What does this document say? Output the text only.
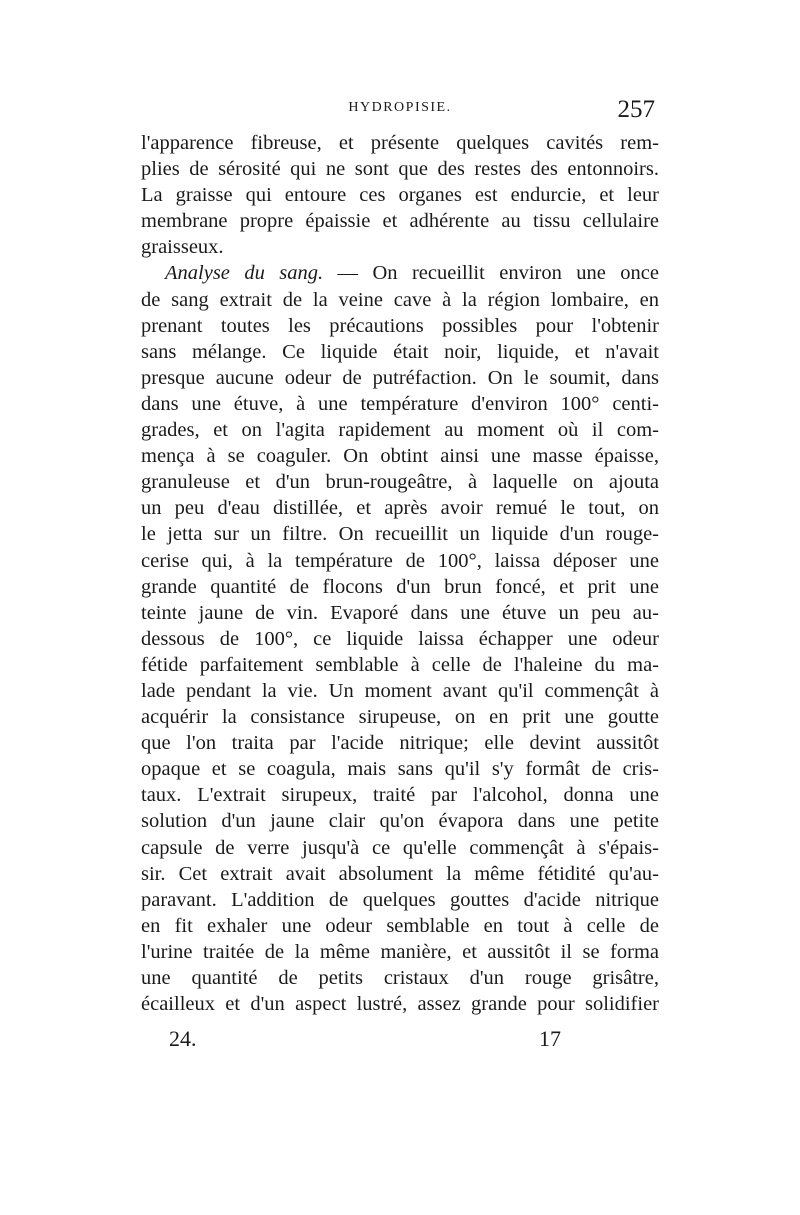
HYDROPISIE.	257
l'apparence fibreuse, et présente quelques cavités rem-
plies de sérosité qui ne sont que des restes des entonnoirs.
La graisse qui entoure ces organes est endurcie, et leur
membrane propre épaissie et adhérente au tissu cellulaire
graisseux.
Analyse du sang. — On recueillit environ une once
de sang extrait de la veine cave à la région lombaire, en
prenant toutes les précautions possibles pour l'obtenir
sans mélange. Ce liquide était noir, liquide, et n'avait
presque aucune odeur de putréfaction. On le soumit, dans
dans une étuve, à une température d'environ 100° centi-
grades, et on l'agita rapidement au moment où il com-
mença à se coaguler. On obtint ainsi une masse épaisse,
granuleuse et d'un brun-rougeâtre, à laquelle on ajouta
un peu d'eau distillée, et après avoir remué le tout, on
le jetta sur un filtre. On recueillit un liquide d'un rouge-
cerise qui, à la température de 100°, laissa déposer une
grande quantité de flocons d'un brun foncé, et prit une
teinte jaune de vin. Evaporé dans une étuve un peu au-
dessous de 100°, ce liquide laissa échapper une odeur
fétide parfaitement semblable à celle de l'haleine du ma-
lade pendant la vie. Un moment avant qu'il commençât à
acquérir la consistance sirupeuse, on en prit une goutte
que l'on traita par l'acide nitrique; elle devint aussitôt
opaque et se coagula, mais sans qu'il s'y formât de cris-
taux. L'extrait sirupeux, traité par l'alcohol, donna une
solution d'un jaune clair qu'on évapora dans une petite
capsule de verre jusqu'à ce qu'elle commençât à s'épais-
sir. Cet extrait avait absolument la même fétidité qu'au-
paravant. L'addition de quelques gouttes d'acide nitrique
en fit exhaler une odeur semblable en tout à celle de
l'urine traitée de la même manière, et aussitôt il se forma
une quantité de petits cristaux d'un rouge grisâtre,
écailleux et d'un aspect lustré, assez grande pour solidifier
24.	17
